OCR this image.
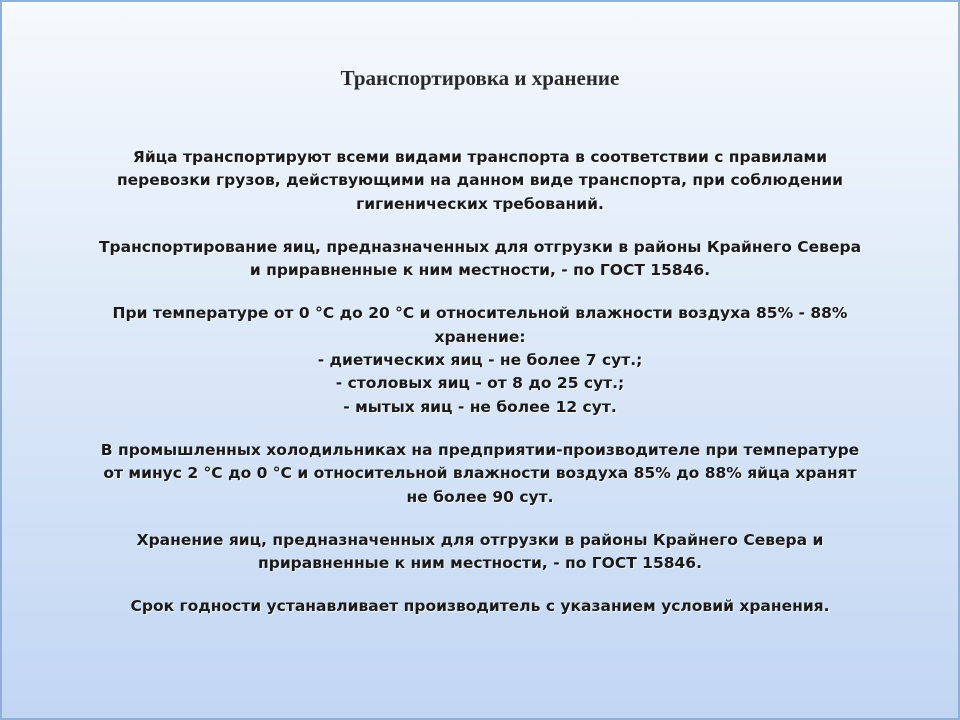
Транспортировка и хранение
Яйца транспортируют всеми видами транспорта в соответствии с правилами
перевозки грузов, действующими на данном виде транспорта, при соблюдении
гигиенических требований.
Транспортирование яиц, предназначенных для отгрузки в районы Крайнего Севера
и приравненные к ним местности, - по ГОСТ 15846.
При температуре от 0 °С до 20 °С и относительной влажности воздуха 85% - 88%
хранение:
- диетических яиц - не более 7 сут.;
- столовых яиц - от 8 до 25 сут.;
- мытых яиц - не более 12 сут.
В промышленных холодильниках на предприятии-производителе при температуре
от минус 2 °С до 0 °С и относительной влажности воздуха 85% до 88% яйца хранят
не более 90 сут.
Хранение яиц, предназначенных для отгрузки в районы Крайнего Севера и
приравненные к ним местности, - по ГОСТ 15846.
Срок годности устанавливает производитель с указанием условий хранения.
